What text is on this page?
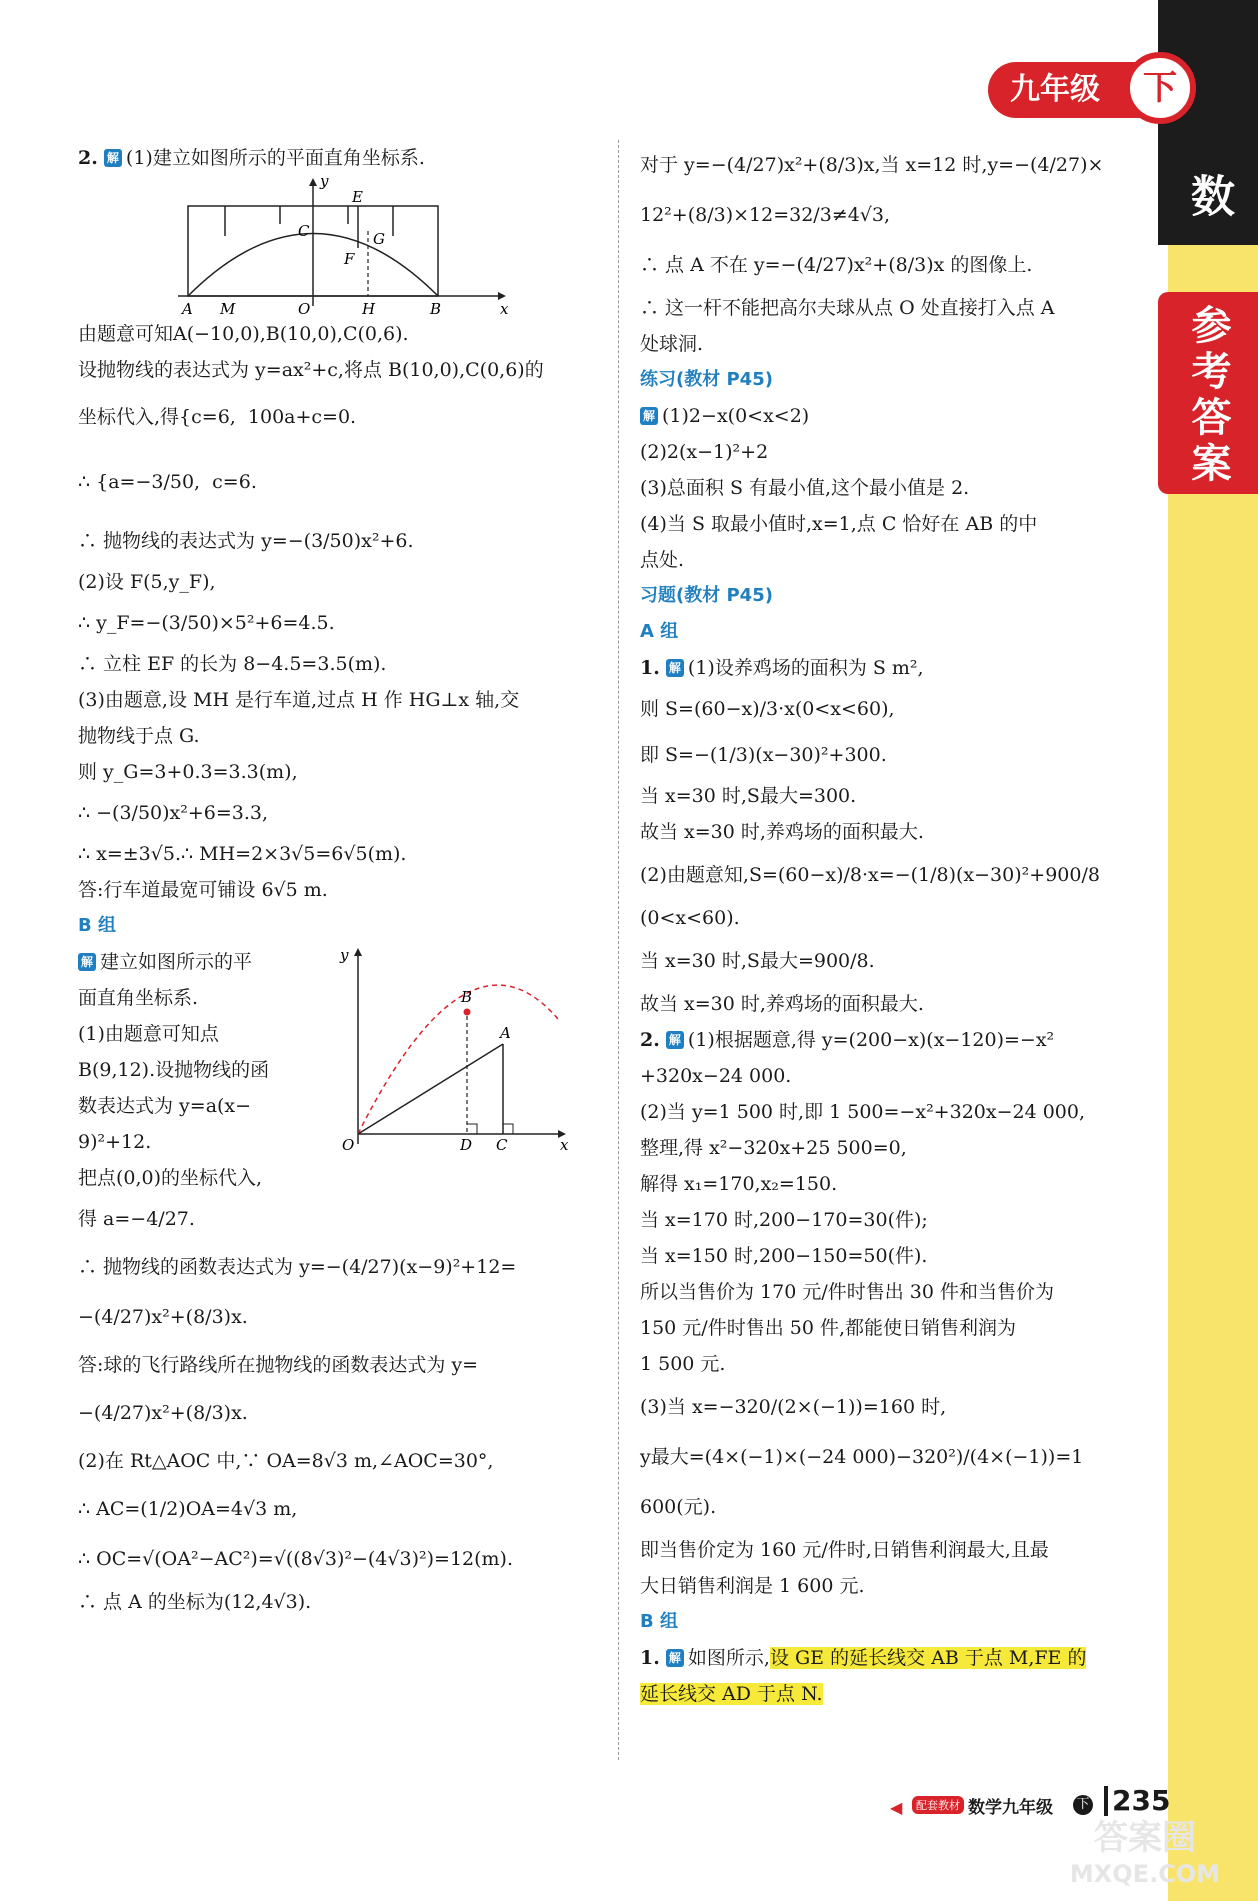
数学
参考答案
九年级	下

2. 解 (1)建立如图所示的平面直角坐标系.

A M	O	H	B	x
y
C
E
F
G

由题意可知A(−10,0),B(10,0),C(0,6).

设抛物线的表达式为 y=ax²+c,将点 B(10,0),C(0,6)的

坐标代入,得{c=6,  100a+c=0.

∴ {a=−3/50,  c=6.

∴ 抛物线的表达式为 y=−(3/50)x²+6.

(2)设 F(5,y_F),

∴ y_F=−(3/50)×5²+6=4.5.

∴ 立柱 EF 的长为 8−4.5=3.5(m).

(3)由题意,设 MH 是行车道,过点 H 作 HG⊥x 轴,交

抛物线于点 G.

则 y_G=3+0.3=3.3(m),

∴ −(3/50)x²+6=3.3,

∴ x=±3√5.∴ MH=2×3√5=6√5(m).

答:行车道最宽可铺设 6√5 m.

B 组

解 建立如图所示的平

面直角坐标系.

(1)由题意可知点

B(9,12).设抛物线的函

数表达式为 y=a(x−

9)²+12.

把点(0,0)的坐标代入,

得 a=−4/27.

O	D C
A
B
x
y

∴ 抛物线的函数表达式为 y=−(4/27)(x−9)²+12=

−(4/27)x²+(8/3)x.

答:球的飞行路线所在抛物线的函数表达式为 y=

−(4/27)x²+(8/3)x.

(2)在 Rt△AOC 中,∵ OA=8√3 m,∠AOC=30°,

∴ AC=(1/2)OA=4√3 m,

∴ OC=√(OA²−AC²)=√((8√3)²−(4√3)²)=12(m).

∴ 点 A 的坐标为(12,4√3).

对于 y=−(4/27)x²+(8/3)x,当 x=12 时,y=−(4/27)×

12²+(8/3)×12=32/3≠4√3,

∴ 点 A 不在 y=−(4/27)x²+(8/3)x 的图像上.

∴ 这一杆不能把高尔夫球从点 O 处直接打入点 A

处球洞.

练习(教材 P45)

解 (1)2−x(0<x<2)

(2)2(x−1)²+2

(3)总面积 S 有最小值,这个最小值是 2.

(4)当 S 取最小值时,x=1,点 C 恰好在 AB 的中

点处.

习题(教材 P45)

A 组

1. 解 (1)设养鸡场的面积为 S m²,

则 S=(60−x)/3·x(0<x<60),

即 S=−(1/3)(x−30)²+300.

当 x=30 时,S最大=300.

故当 x=30 时,养鸡场的面积最大.

(2)由题意知,S=(60−x)/8·x=−(1/8)(x−30)²+900/8

(0<x<60).

当 x=30 时,S最大=900/8.

故当 x=30 时,养鸡场的面积最大.

2. 解 (1)根据题意,得 y=(200−x)(x−120)=−x²

+320x−24 000.

(2)当 y=1 500 时,即 1 500=−x²+320x−24 000,

整理,得 x²−320x+25 500=0,

解得 x₁=170,x₂=150.

当 x=170 时,200−170=30(件);

当 x=150 时,200−150=50(件).

所以当售价为 170 元/件时售出 30 件和当售价为

150 元/件时售出 50 件,都能使日销售利润为

1 500 元.

(3)当 x=−320/(2×(−1))=160 时,

y最大=(4×(−1)×(−24 000)−320²)/(4×(−1))=1 600(元).

即当售价定为 160 元/件时,日销售利润最大,且最

大日销售利润是 1 600 元.

B 组

1. 解 如图所示,设 GE 的延长线交 AB 于点 M,FE 的

延长线交 AD 于点 N.

◀	配套教材 数学九年级 下 235
答案圈
MXQE.COM
